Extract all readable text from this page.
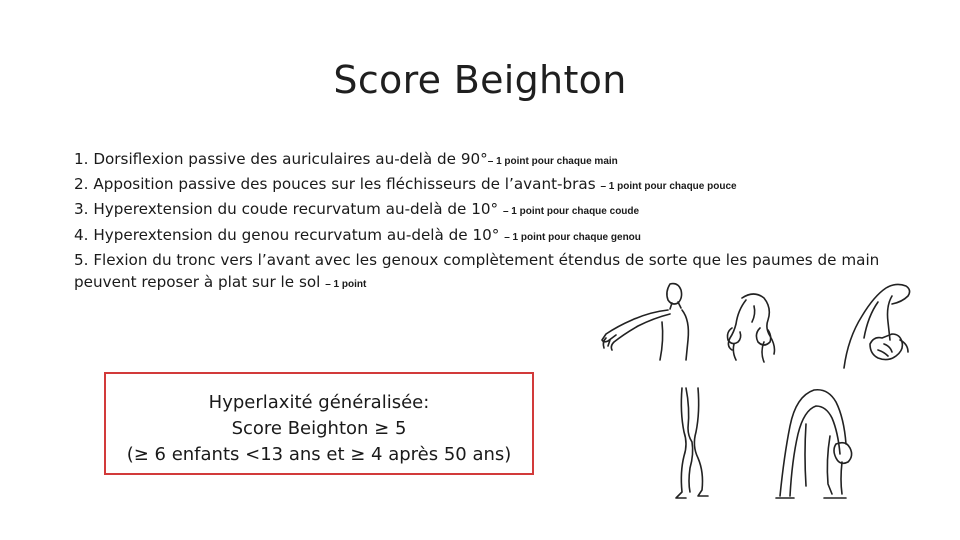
Score Beighton
1. Dorsiflexion passive des auriculaires au-delà de 90°– 1 point pour chaque main
2. Apposition passive des pouces sur les fléchisseurs de l’avant-bras – 1 point pour chaque pouce
3. Hyperextension du coude recurvatum au-delà de 10° – 1 point pour chaque coude
4. Hyperextension du genou recurvatum au-delà de 10° – 1 point pour chaque genou
5. Flexion du tronc vers l’avant avec les genoux complètement étendus de sorte que les paumes de main peuvent reposer à plat sur le sol – 1 point
Hyperlaxité généralisée:
Score Beighton ≥ 5
(≥ 6 enfants <13 ans et ≥ 4 après 50 ans)
